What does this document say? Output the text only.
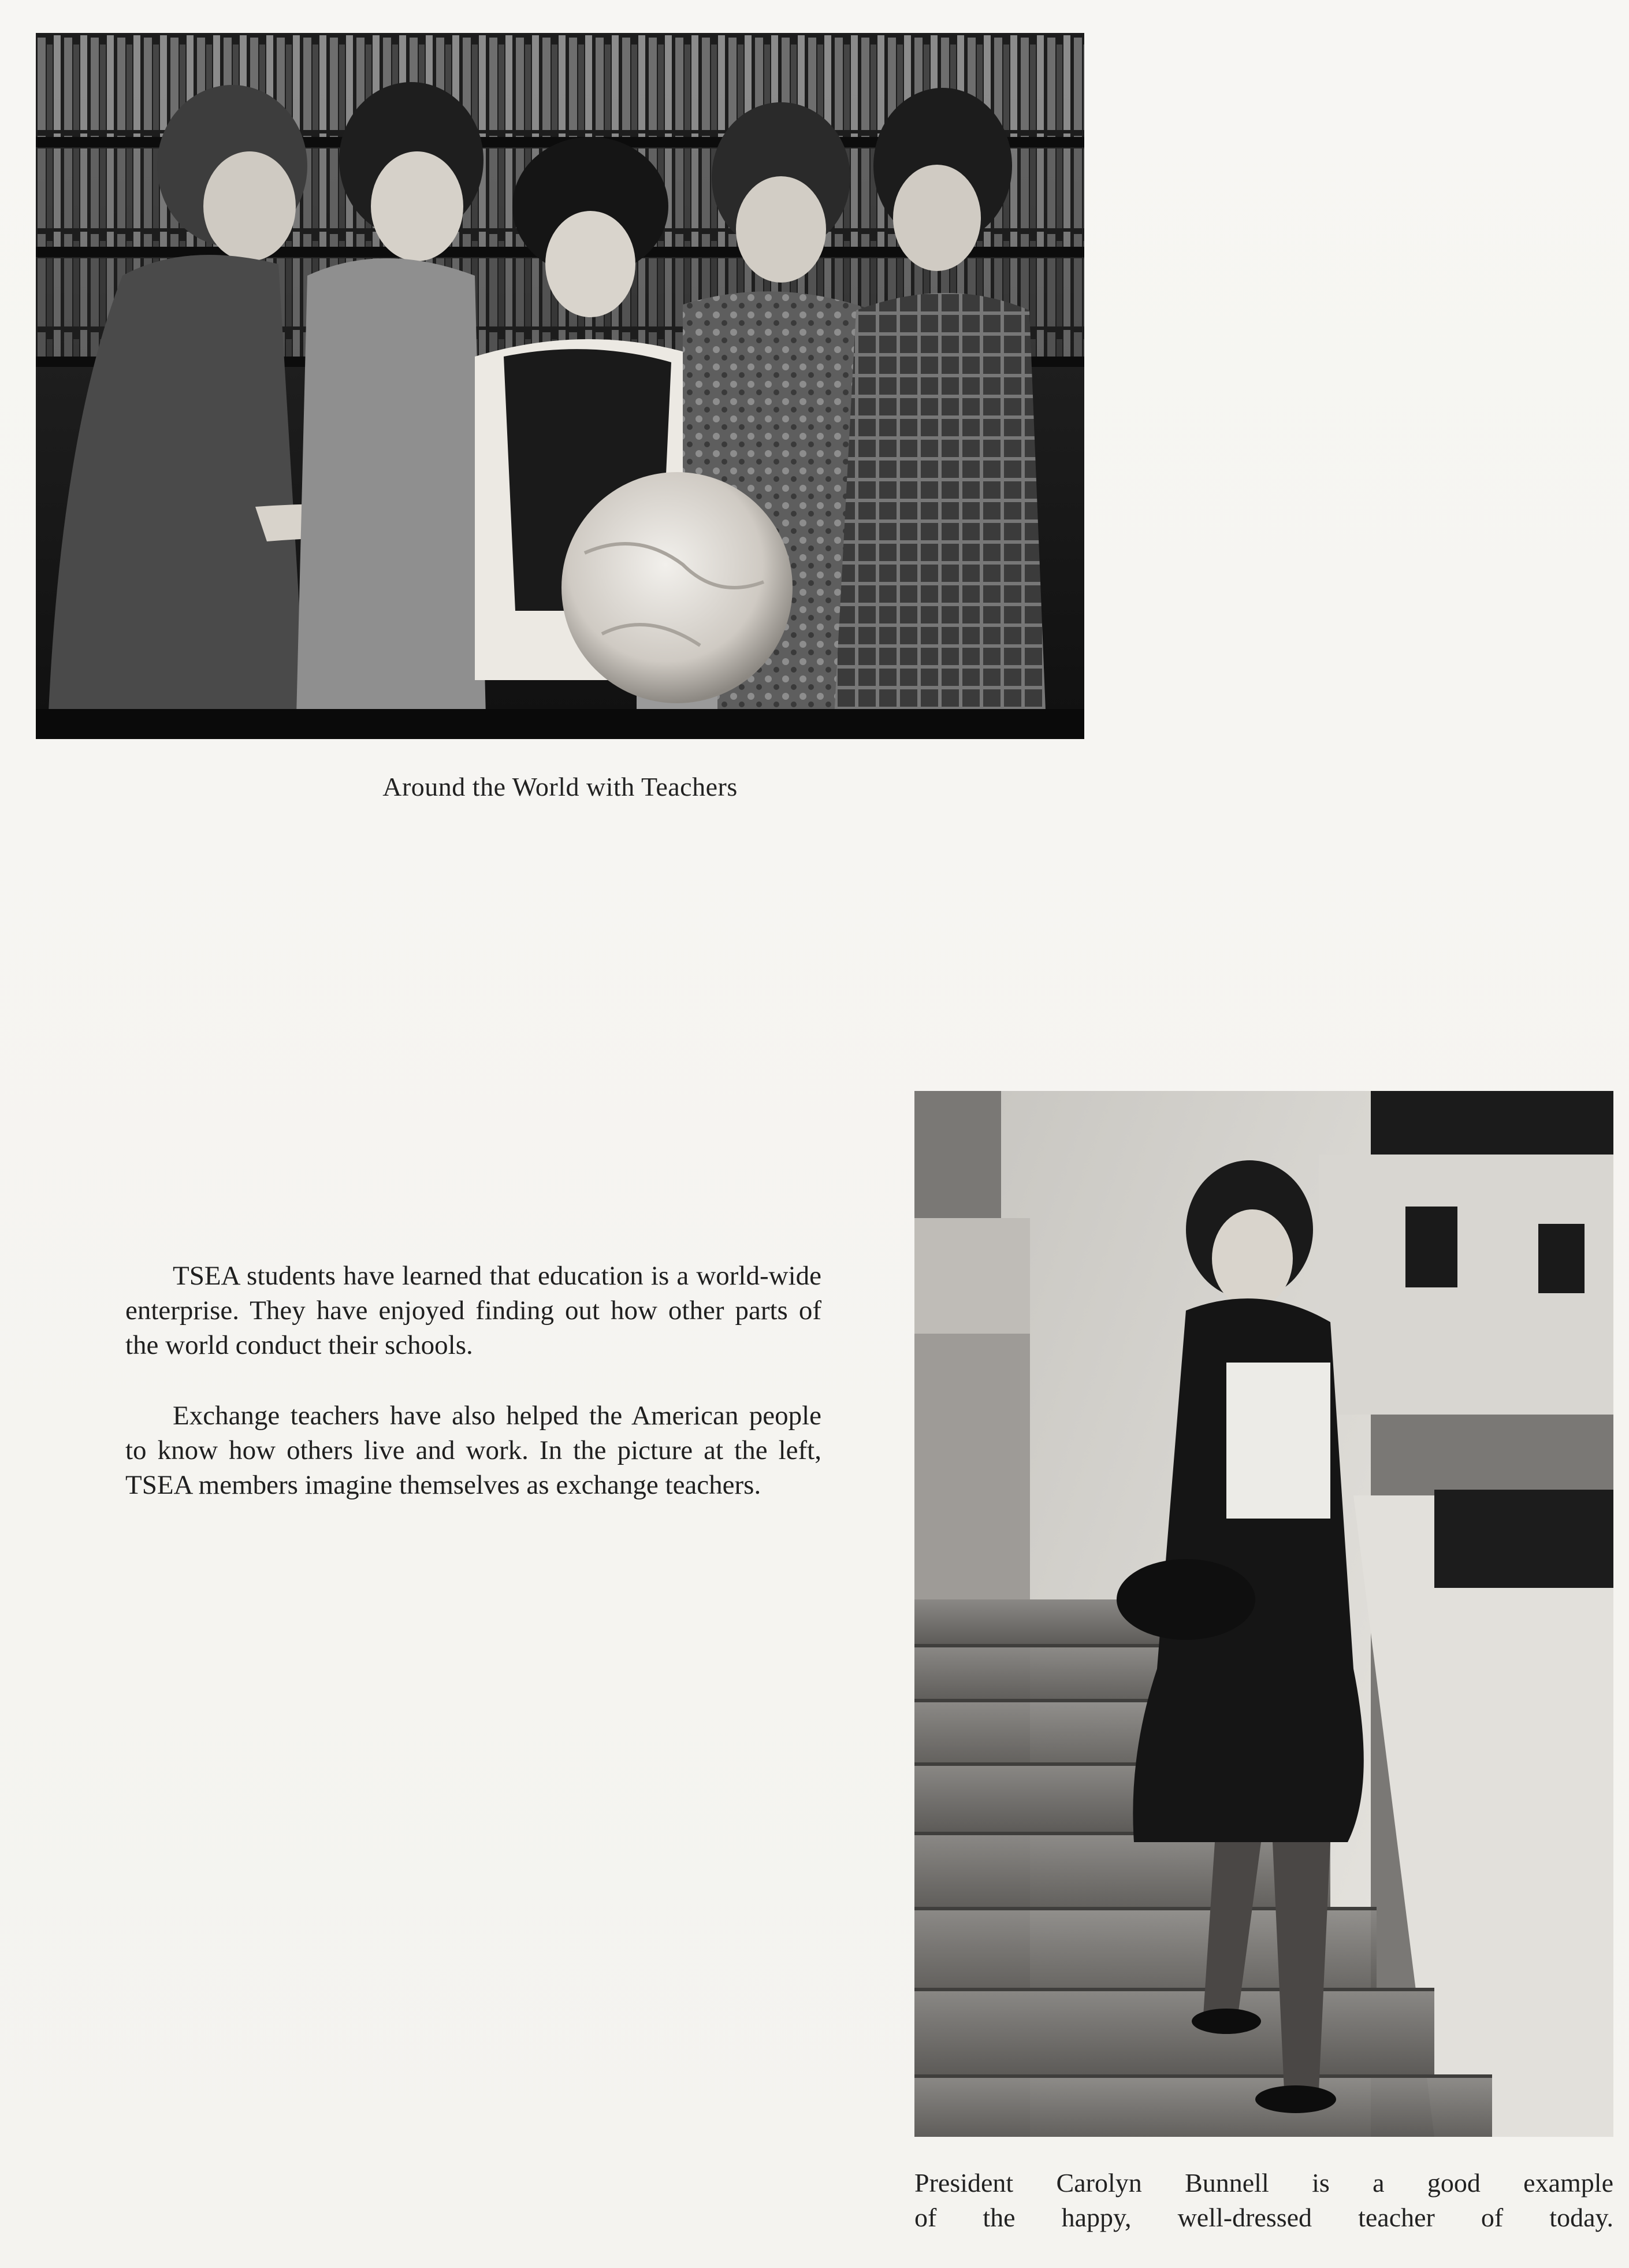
Around the World with Teachers

TSEA students have learned that education is a world-wide enterprise. They have enjoyed finding out how other parts of the world conduct their schools.

Exchange teachers have also helped the American people to know how others live and work. In the picture at the left, TSEA members imagine themselves as exchange teachers.

President Carolyn Bunnell is a good example
of the happy, well-dressed teacher of today.
